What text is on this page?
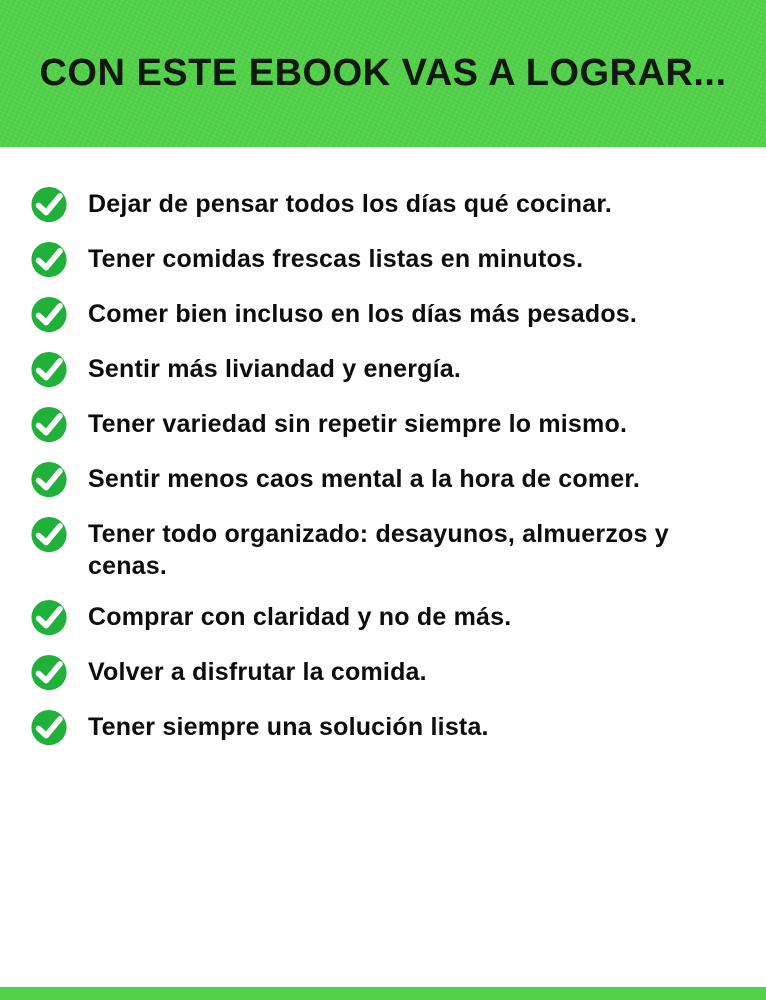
CON ESTE EBOOK VAS A LOGRAR...
Dejar de pensar todos los días qué cocinar.
Tener comidas frescas listas en minutos.
Comer bien incluso en los días más pesados.
Sentir más liviandad y energía.
Tener variedad sin repetir siempre lo mismo.
Sentir menos caos mental a la hora de comer.
Tener todo organizado: desayunos, almuerzos y cenas.
Comprar con claridad y no de más.
Volver a disfrutar la comida.
Tener siempre una solución lista.
